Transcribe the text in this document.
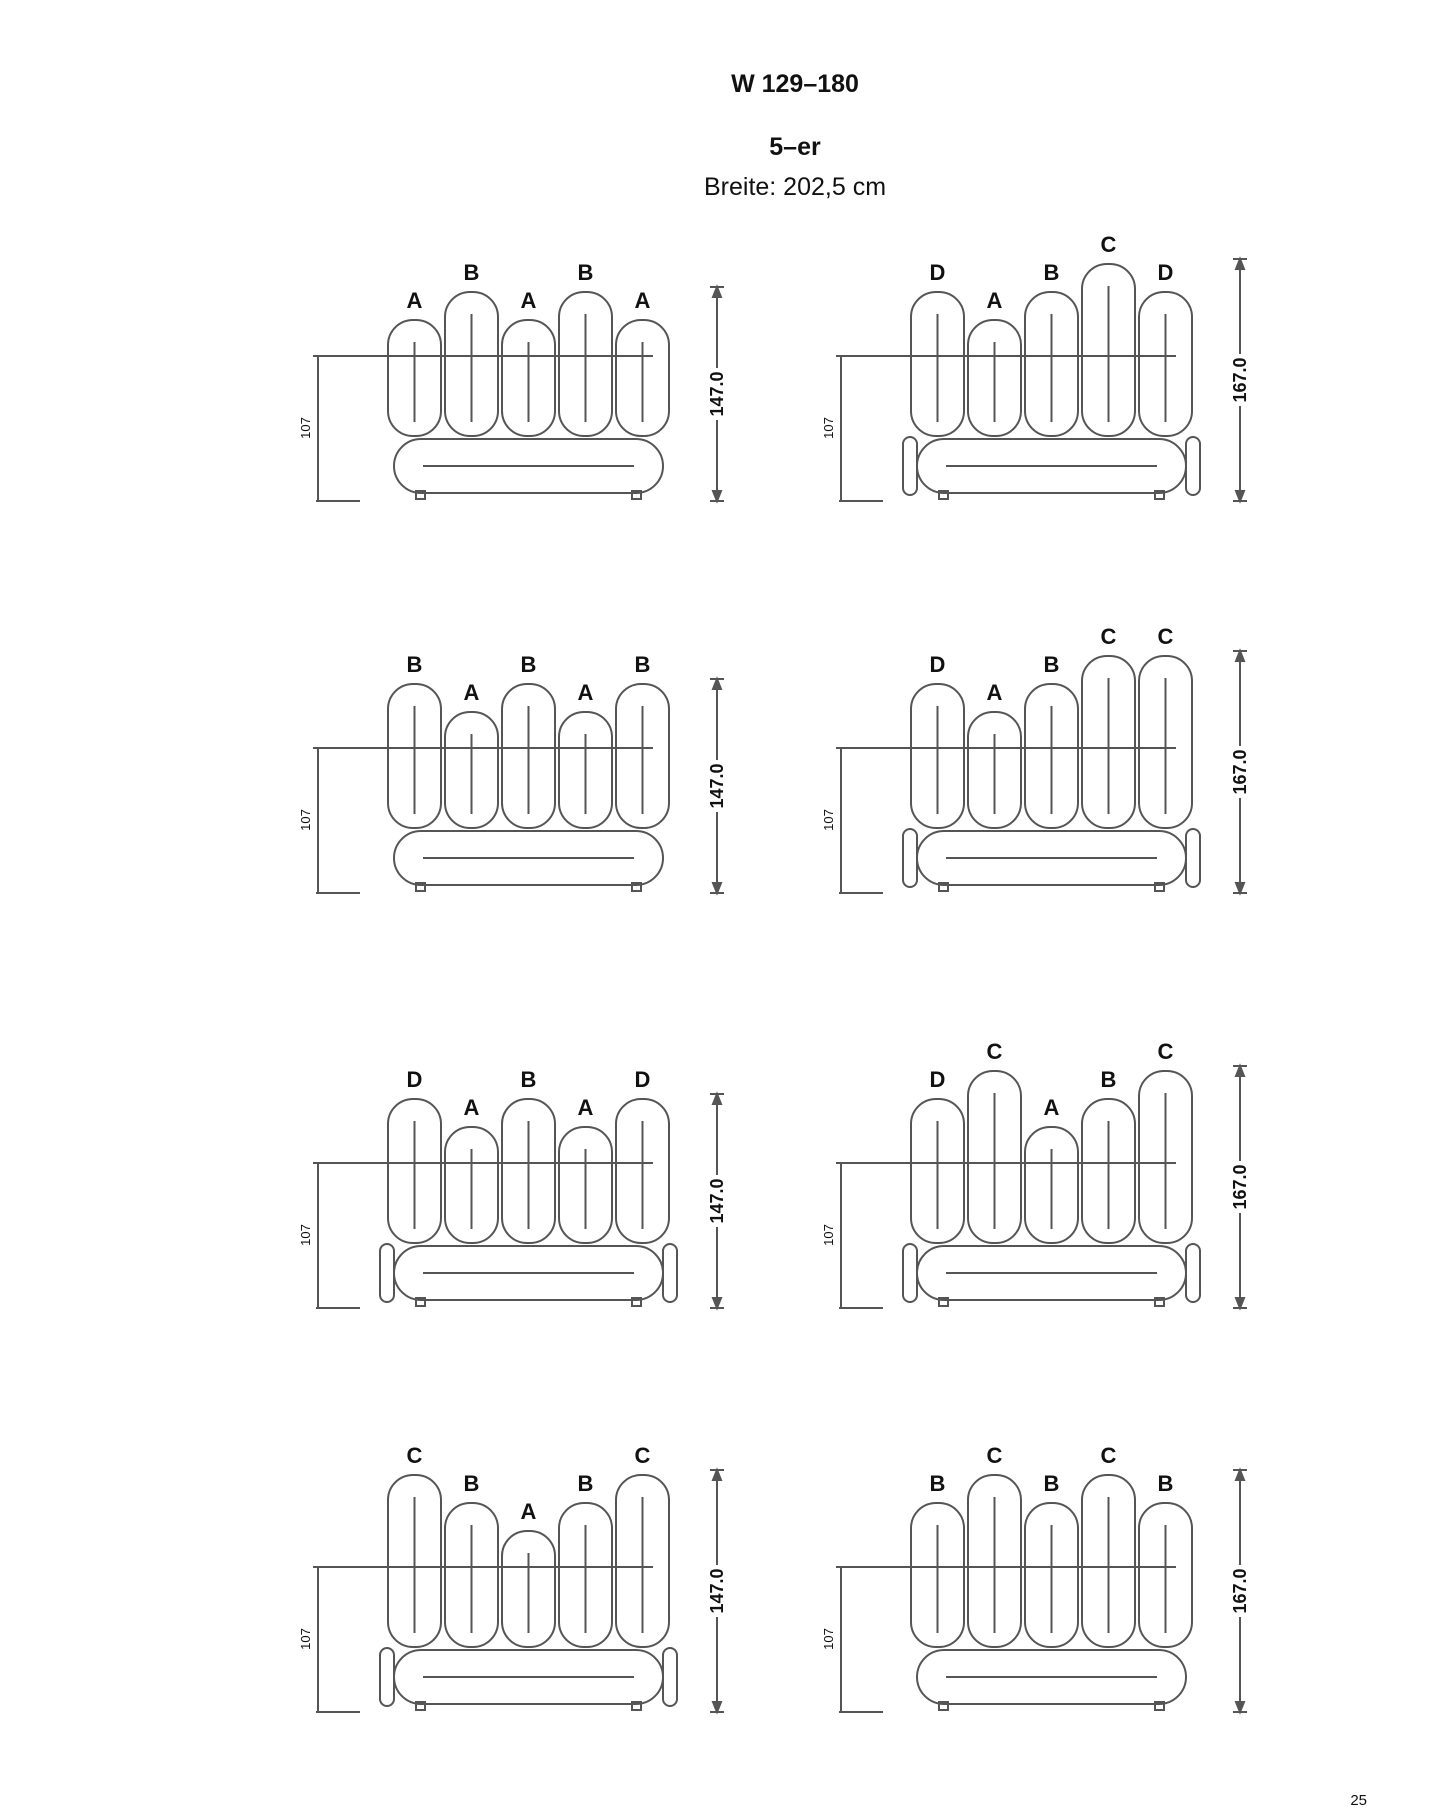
W 129–180
5–er
Breite: 202,5 cm
A
B
A
B
A
107
147.0
D
A
B
C
D
107
167.0
B
A
B
A
B
107
147.0
D
A
B
C C
107
167.0
D
A
B
A
D
107
147.0
D
C
A
B
C
107
167.0
C
B
A
B
C
107
147.0
B
C
B
C
B
107
167.0
25
